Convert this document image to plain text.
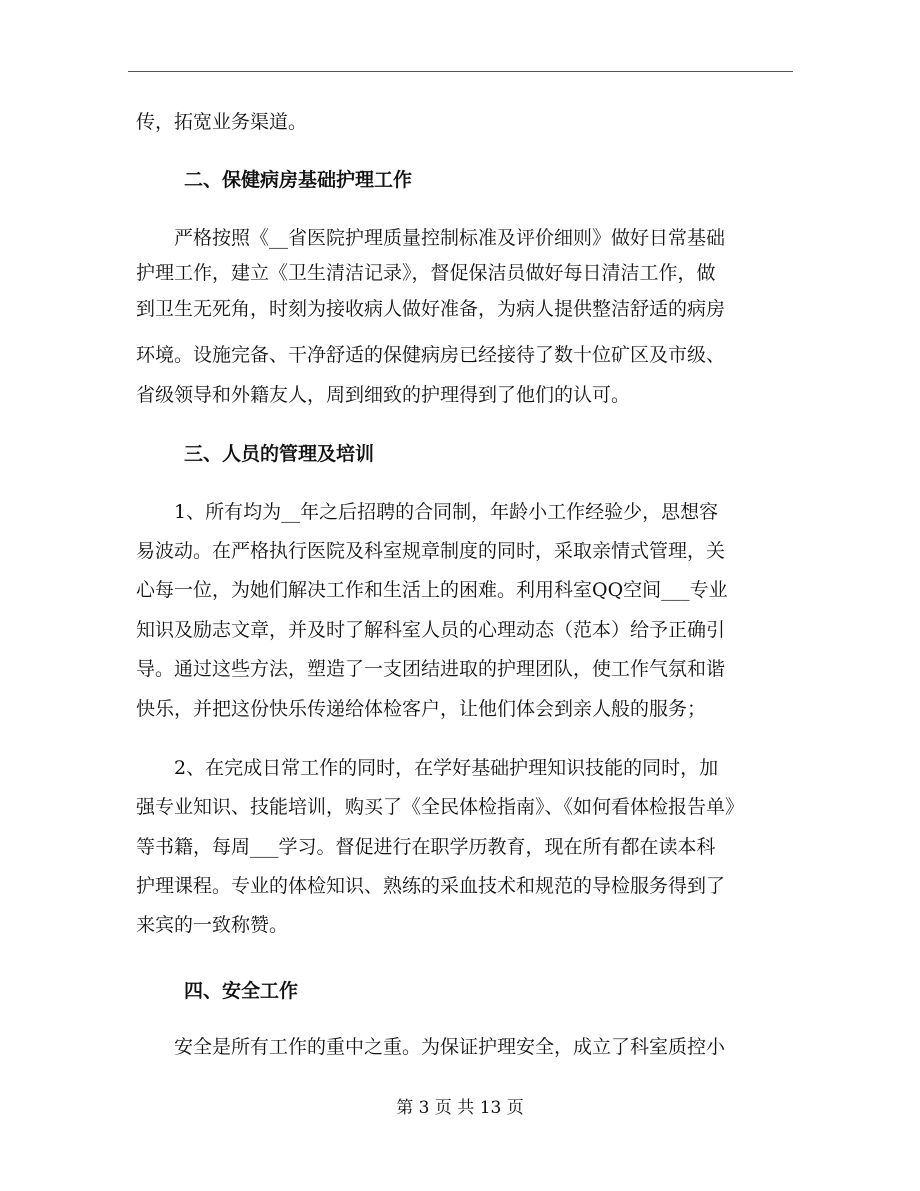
传，拓宽业务渠道。
二、保健病房基础护理工作
　　严格按照《__省医院护理质量控制标准及评价细则》做好日常基础
护理工作，建立《卫生清洁记录》，督促保洁员做好每日清洁工作，做
到卫生无死角，时刻为接收病人做好准备，为病人提供整洁舒适的病房
环境。设施完备、干净舒适的保健病房已经接待了数十位矿区及市级、
省级领导和外籍友人，周到细致的护理得到了他们的认可。
三、人员的管理及培训
　　1、所有均为__年之后招聘的合同制，年龄小工作经验少，思想容
易波动。在严格执行医院及科室规章制度的同时，采取亲情式管理，关
心每一位，为她们解决工作和生活上的困难。利用科室QQ空间___专业
知识及励志文章，并及时了解科室人员的心理动态（范本）给予正确引
导。通过这些方法，塑造了一支团结进取的护理团队，使工作气氛和谐
快乐，并把这份快乐传递给体检客户，让他们体会到亲人般的服务；
　　2、在完成日常工作的同时，在学好基础护理知识技能的同时，加
强专业知识、技能培训，购买了《全民体检指南》、《如何看体检报告单》
等书籍，每周___学习。督促进行在职学历教育，现在所有都在读本科
护理课程。专业的体检知识、熟练的采血技术和规范的导检服务得到了
来宾的一致称赞。
四、安全工作
　　安全是所有工作的重中之重。为保证护理安全，成立了科室质控小
第 3 页 共 13 页
